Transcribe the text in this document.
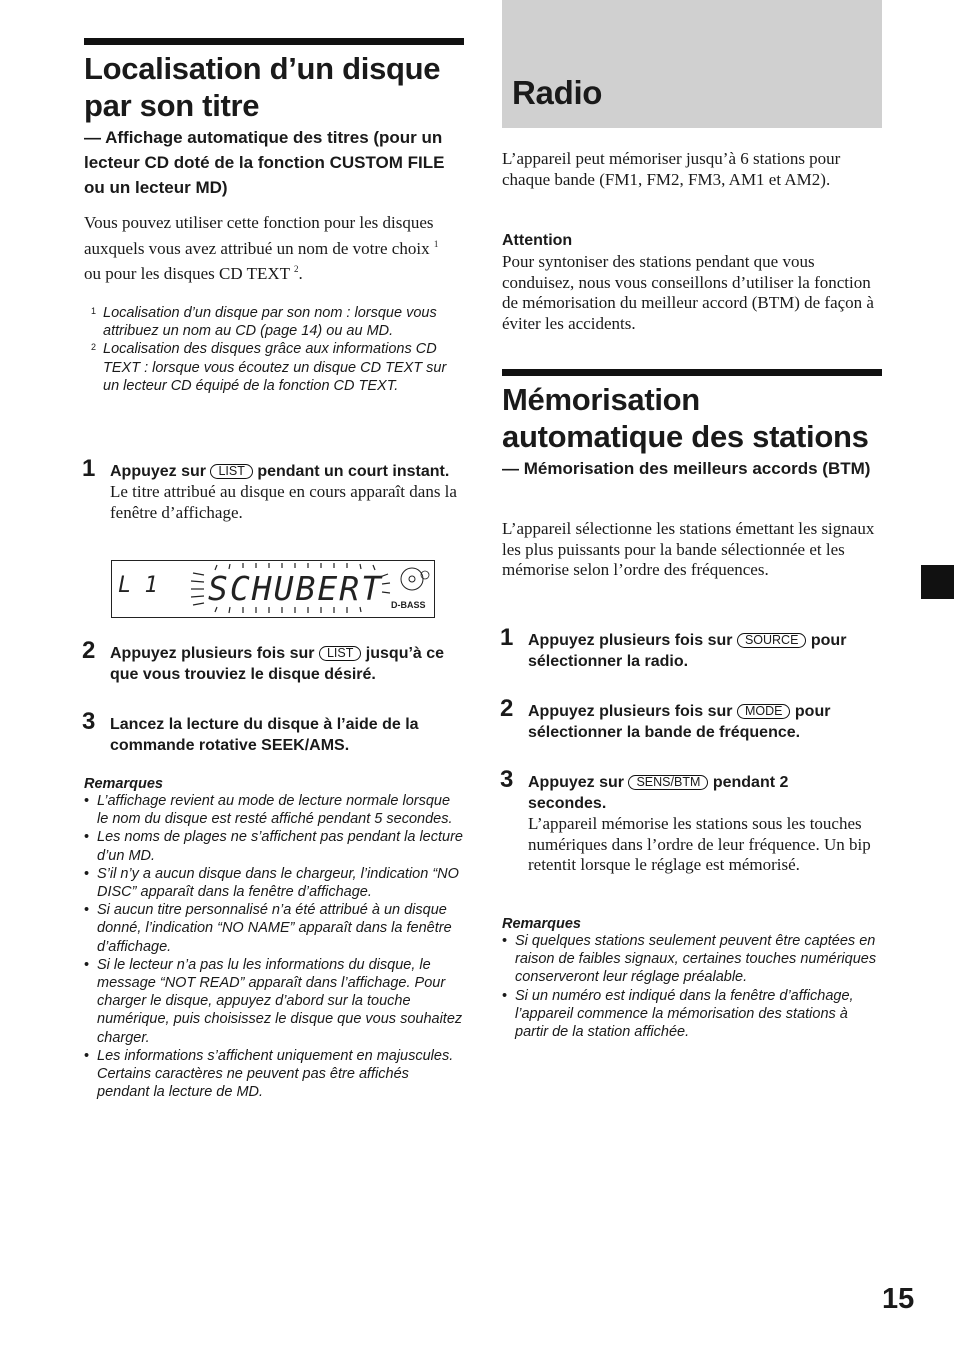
Localisation d’un disque par son titre

— Affichage automatique des titres (pour un lecteur CD doté de la fonction CUSTOM FILE ou un lecteur MD)

Vous pouvez utiliser cette fonction pour les disques auxquels vous avez attribué un nom de votre choix $^1$ ou pour les disques CD TEXT $^2$.

1 Localisation d’un disque par son nom : lorsque vous attribuez un nom au CD (page 14) ou au MD.

2 Localisation des disques grâce aux informations CD TEXT : lorsque vous écoutez un disque CD TEXT sur un lecteur CD équipé de la fonction CD TEXT.

1 Appuyez sur LIST pendant un court instant.

Le titre attribué au disque en cours apparaît dans la fenêtre d’affichage.

L 1 SCHUBERT D-BASS
2 Appuyez plusieurs fois sur LIST jusqu’à ce que vous trouviez le disque désiré.

3 Lancez la lecture du disque à l’aide de la commande rotative SEEK/AMS.

Remarques

• L’affichage revient au mode de lecture normale lorsque le nom du disque est resté affiché pendant 5 secondes.
• Les noms de plages ne s’affichent pas pendant la lecture d’un MD.
• S’il n’y a aucun disque dans le chargeur, l’indication “NO DISC” apparaît dans la fenêtre d’affichage.
• Si aucun titre personnalisé n’a été attribué à un disque donné, l’indication “NO NAME” apparaît dans la fenêtre d’affichage.
• Si le lecteur n’a pas lu les informations du disque, le message “NOT READ” apparaît dans l’affichage. Pour charger le disque, appuyez d’abord sur la touche numérique, puis choisissez le disque que vous souhaitez charger.
• Les informations s’affichent uniquement en majuscules. Certains caractères ne peuvent pas être affichés pendant la lecture de MD.
Radio

L’appareil peut mémoriser jusqu’à 6 stations pour chaque bande (FM1, FM2, FM3, AM1 et AM2).

Attention

Pour syntoniser des stations pendant que vous conduisez, nous vous conseillons d’utiliser la fonction de mémorisation du meilleur accord (BTM) de façon à éviter les accidents.

Mémorisation automatique des stations

— Mémorisation des meilleurs accords (BTM)

L’appareil sélectionne les stations émettant les signaux les plus puissants pour la bande sélectionnée et les mémorise selon l’ordre des fréquences.

1 Appuyez plusieurs fois sur SOURCE pour sélectionner la radio.

2 Appuyez plusieurs fois sur MODE pour sélectionner la bande de fréquence.

3 Appuyez sur SENS/BTM pendant 2 secondes.

L’appareil mémorise les stations sous les touches numériques dans l’ordre de leur fréquence. Un bip retentit lorsque le réglage est mémorisé.

Remarques

• Si quelques stations seulement peuvent être captées en raison de faibles signaux, certaines touches numériques conserveront leur réglage préalable.
• Si un numéro est indiqué dans la fenêtre d’affichage, l’appareil commence la mémorisation des stations à partir de la station affichée.
15
